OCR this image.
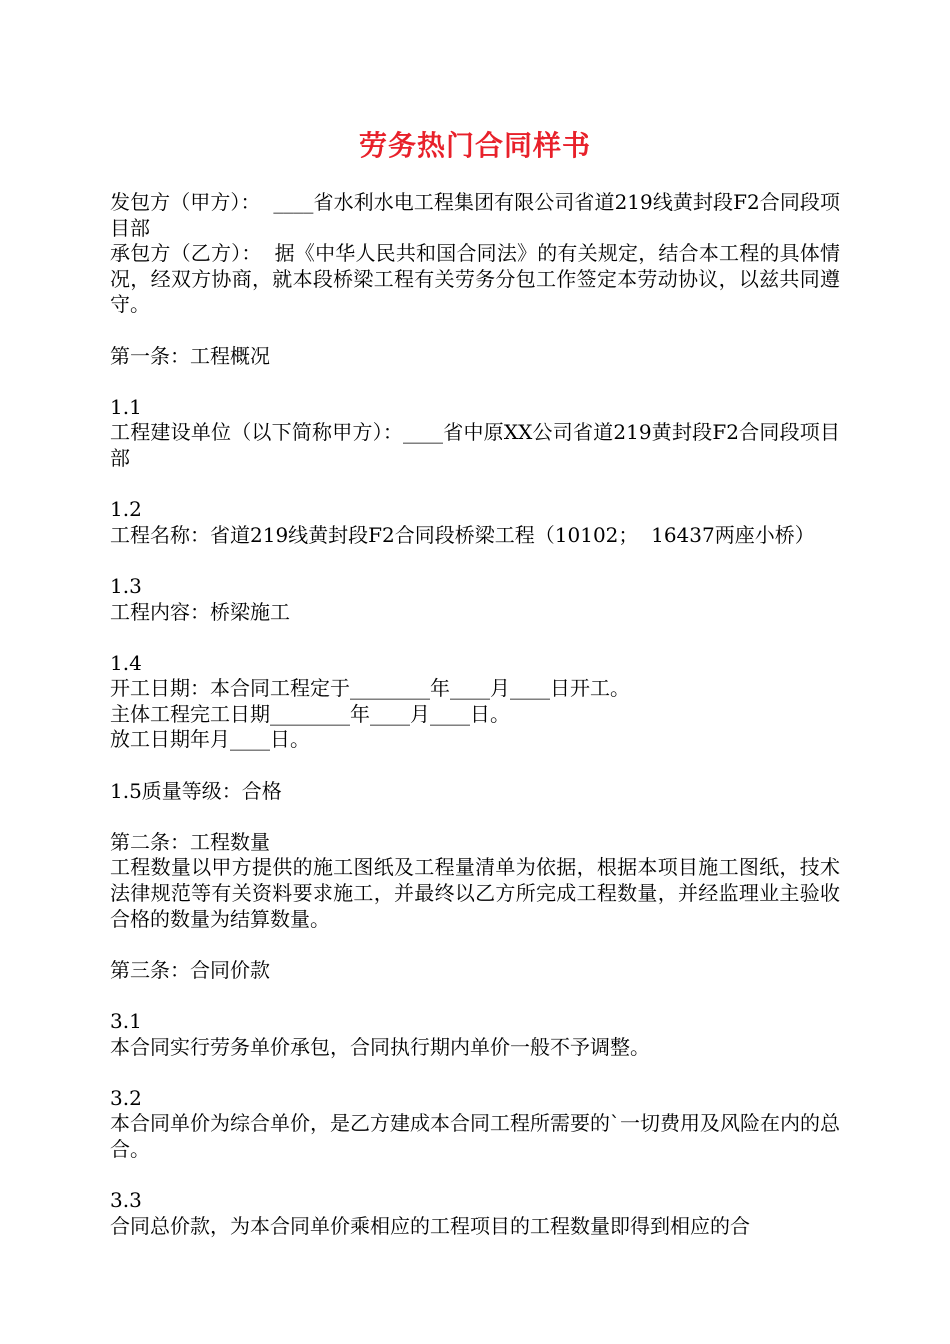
劳务热门合同样书

发包方（甲方）：  ____省水利水电工程集团有限公司省道219线黄封段F2合同段项目部

承包方（乙方）：  据《中华人民共和国合同法》的有关规定，结合本工程的具体情况，经双方协商，就本段桥梁工程有关劳务分包工作签定本劳动协议，以兹共同遵守。

第一条：工程概况

1.1

工程建设单位（以下简称甲方）：____省中原XX公司省道219黄封段F2合同段项目部

1.2

工程名称：省道219线黄封段F2合同段桥梁工程（10102；  16437两座小桥）

1.3

工程内容：桥梁施工

1.4

开工日期：本合同工程定于________年____月____日开工。

主体工程完工日期________年____月____日。

放工日期年月____日。

1.5质量等级：合格

第二条：工程数量

工程数量以甲方提供的施工图纸及工程量清单为依据，根据本项目施工图纸，技术法律规范等有关资料要求施工，并最终以乙方所完成工程数量，并经监理业主验收合格的数量为结算数量。

第三条：合同价款

3.1

本合同实行劳务单价承包，合同执行期内单价一般不予调整。

3.2

本合同单价为综合单价，是乙方建成本合同工程所需要的`一切费用及风险在内的总合。

3.3

合同总价款，为本合同单价乘相应的工程项目的工程数量即得到相应的合
